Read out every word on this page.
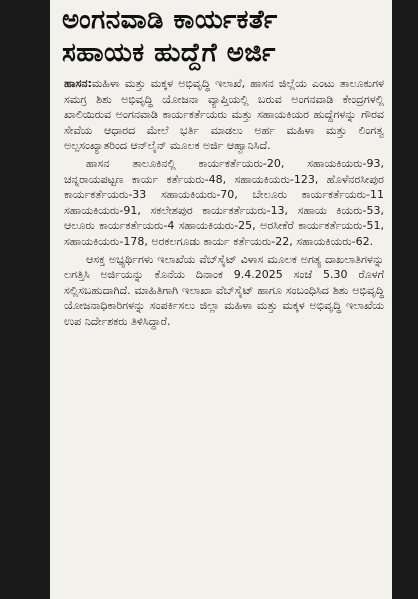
ಅಂಗನವಾಡಿ ಕಾರ್ಯಕರ್ತೆ
ಸಹಾಯಕ ಹುದ್ದೆಗೆ ಅರ್ಜಿ

ಹಾಸನ:ಮಹಿಳಾ ಮತ್ತು ಮಕ್ಕಳ ಅಭಿವೃದ್ಧಿ ಇಲಾಖೆ, ಹಾಸನ ಜಿಲ್ಲೆಯ ಎಂಟು ತಾಲೂಕುಗಳ ಸಮಗ್ರ ಶಿಶು ಅಭಿವೃದ್ಧಿ ಯೋಜನಾ ವ್ಯಾಪ್ತಿಯಲ್ಲಿ ಬರುವ ಅಂಗನವಾಡಿ ಕೇಂದ್ರಗಳಲ್ಲಿ ಖಾಲಿಯಿರುವ ಅಂಗನವಾಡಿ ಕಾರ್ಯಕರ್ತೆಯರು ಮತ್ತು ಸಹಾಯಕಿಯರ ಹುದ್ದೆಗಳನ್ನು ಗೌರವ ಸೇವೆಯ ಆಧಾರದ ಮೇಲೆ ಭರ್ತಿ ಮಾಡಲು ಅರ್ಹ ಮಹಿಳಾ ಮತ್ತು ಲಿಂಗತ್ವ ಅಲ್ಪಸಂಖ್ಯಾತರಿಂದ ಆನ್‌ಲೈನ್ ಮೂಲಕ ಅರ್ಜಿ ಆಹ್ವಾನಿಸಿದೆ.

ಹಾಸನ ತಾಲೂಕಿನಲ್ಲಿ ಕಾರ್ಯಕರ್ತೆಯರು-20, ಸಹಾಯಕಿಯರು-93, ಚನ್ನರಾಯಪಟ್ಟಣ ಕಾರ್ಯ ಕರ್ತೆಯರು-48, ಸಹಾಯಕಿಯರು-123, ಹೊಳೆನರಸೀಪುರ ಕಾರ್ಯಕರ್ತೆಯರು-33 ಸಹಾಯಕಿಯರು-70, ಬೇಲೂರು ಕಾರ್ಯಕರ್ತೆಯರು-11 ಸಹಾಯಕಿಯರು-91, ಸಕಲೇಶಪುರ ಕಾರ್ಯಕರ್ತೆಯರು-13, ಸಹಾಯ ಕಿಯರು-53, ಆಲೂರು ಕಾರ್ಯಕರ್ತೆಯರು-4 ಸಹಾಯಕಿಯರು-25, ಅರಸೀಕೆರೆ ಕಾರ್ಯಕರ್ತೆಯರು-51, ಸಹಾಯಕಿಯರು-178, ಅರಕಲಗೂಡು ಕಾರ್ಯ ಕರ್ತೆಯರು-22, ಸಹಾಯಕಿಯರು-62.

ಆಸಕ್ತ ಅಭ್ಯರ್ಥಿಗಳು ಇಲಾಖೆಯ ವೆಬ್‌ಸೈಟ್ ವಿಳಾಸ ಮೂಲಕ ಅಗತ್ಯ ದಾಖಲಾತಿಗಳನ್ನು ಲಗತ್ತಿಸಿ ಅರ್ಜಿಯನ್ನು ಕೊನೆಯ ದಿನಾಂಕ 9.4.2025 ಸಂಜೆ 5.30 ರೊಳಗೆ ಸಲ್ಲಿಸಬಹುದಾಗಿದೆ. ಮಾಹಿತಿಗಾಗಿ ಇಲಾಖಾ ವೆಬ್‌ಸೈಟ್ ಹಾಗೂ ಸಂಬಂಧಿಸಿದ ಶಿಶು ಅಭಿವೃದ್ಧಿ ಯೋಜನಾಧಿಕಾರಿಗಳನ್ನು ಸಂಪರ್ಕಿಸಲು ಜಿಲ್ಲಾ ಮಹಿಳಾ ಮತ್ತು ಮಕ್ಕಳ ಅಭಿವೃದ್ಧಿ ಇಲಾಖೆಯ ಉಪ ನಿರ್ದೇಶಕರು ತಿಳಿಸಿದ್ದಾರೆ.
